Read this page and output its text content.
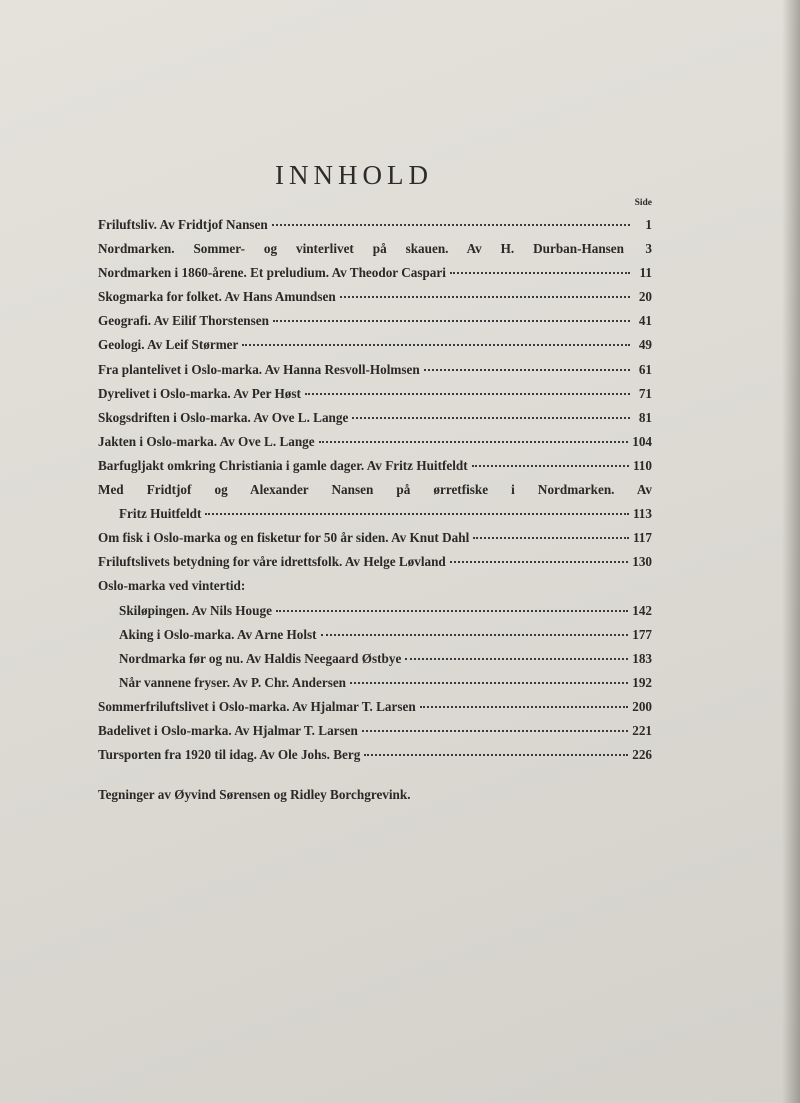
INNHOLD
Side
Friluftsliv. Av Fridtjof Nansen	1
Nordmarken. Sommer- og vinterlivet på skauen. Av H. Durban-Hansen	3
Nordmarken i 1860-årene. Et preludium. Av Theodor Caspari	11
Skogmarka for folket. Av Hans Amundsen	20
Geografi. Av Eilif Thorstensen	41
Geologi. Av Leif Størmer	49
Fra plantelivet i Oslo-marka. Av Hanna Resvoll-Holmsen	61
Dyrelivet i Oslo-marka. Av Per Høst	71
Skogsdriften i Oslo-marka. Av Ove L. Lange	81
Jakten i Oslo-marka. Av Ove L. Lange	104
Barfugljakt omkring Christiania i gamle dager. Av Fritz Huitfeldt	110
Med Fridtjof og Alexander Nansen på ørretfiske i Nordmarken. Av
Fritz Huitfeldt	113
Om fisk i Oslo-marka og en fisketur for 50 år siden. Av Knut Dahl	117
Friluftslivets betydning for våre idrettsfolk. Av Helge Løvland	130
Oslo-marka ved vintertid:
Skiløpingen. Av Nils Houge	142
Aking i Oslo-marka. Av Arne Holst	177
Nordmarka før og nu. Av Haldis Neegaard Østbye	183
Når vannene fryser. Av P. Chr. Andersen	192
Sommerfriluftslivet i Oslo-marka. Av Hjalmar T. Larsen	200
Badelivet i Oslo-marka. Av Hjalmar T. Larsen	221
Tursporten fra 1920 til idag. Av Ole Johs. Berg	226
Tegninger av Øyvind Sørensen og Ridley Borchgrevink.
